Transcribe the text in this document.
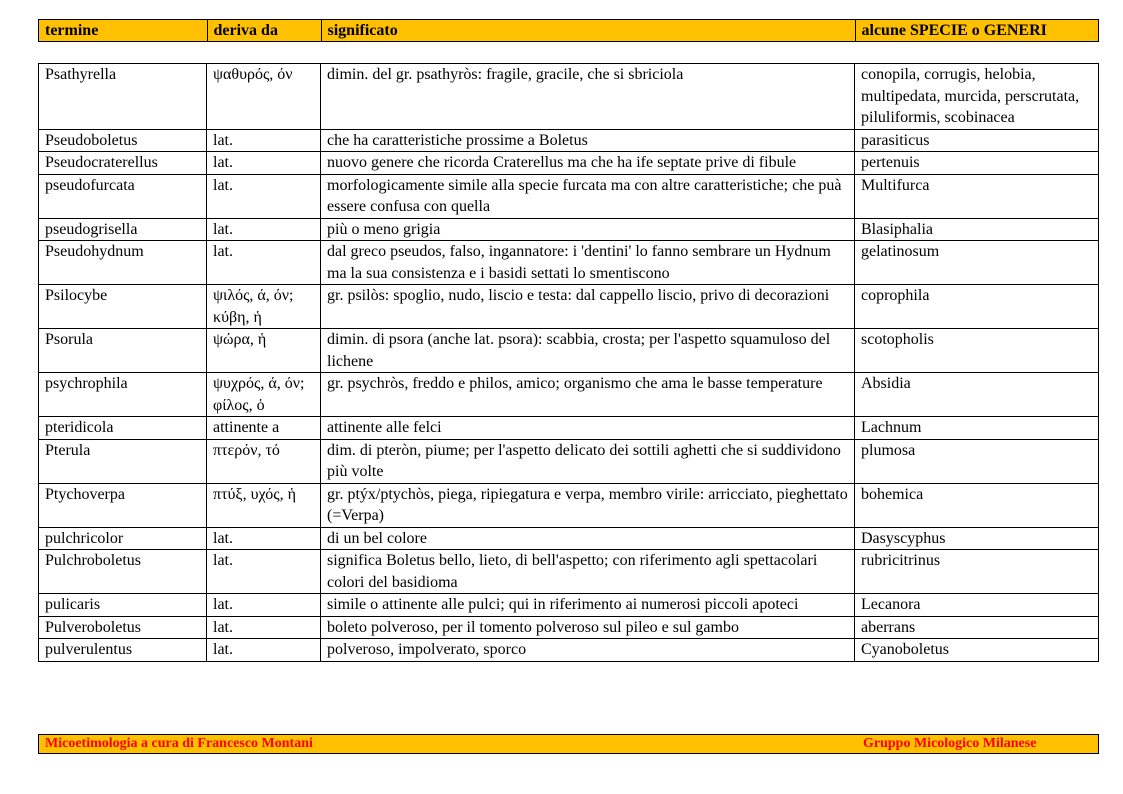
termine	deriva da	significato	alcune SPECIE o GENERI
Psathyrella	ψαθυρός, όν	dimin. del gr. psathyròs: fragile, gracile, che si sbriciola	conopila, corrugis, helobia, multipedata, murcida, perscrutata, piluliformis, scobinacea
Pseudoboletus	lat.	che ha caratteristiche prossime a Boletus	parasiticus
Pseudocraterellus	lat.	nuovo genere che ricorda Craterellus ma che ha ife septate prive di fibule	pertenuis
pseudofurcata	lat.	morfologicamente simile alla specie furcata ma con altre caratteristiche; che puà essere confusa con quella	Multifurca
pseudogrisella	lat.	più o meno grigia	Blasiphalia
Pseudohydnum	lat.	dal greco pseudos, falso, ingannatore: i 'dentini' lo fanno sembrare un Hydnum ma la sua consistenza e i basidi settati lo smentiscono	gelatinosum
Psilocybe	ψιλός, ά, όν; κύβη, ἡ	gr. psilòs: spoglio, nudo, liscio e testa: dal cappello liscio, privo di decorazioni	coprophila
Psorula	ψώρα, ἡ	dimin. di psora (anche lat. psora): scabbia, crosta; per l'aspetto squamuloso del lichene	scotopholis
psychrophila	ψυχρός, ά, όν; φίλος, ὁ	gr. psychròs, freddo e philos, amico; organismo che ama le basse temperature	Absidia
pteridicola	attinente a	attinente alle felci	Lachnum
Pterula	πτερόν, τό	dim. di pteròn, piume; per l'aspetto delicato dei sottili aghetti che si suddividono più volte	plumosa
Ptychoverpa	πτύξ, υχός, ἡ	gr. ptýx/ptychòs, piega, ripiegatura e verpa, membro virile: arricciato, pieghettato (=Verpa)	bohemica
pulchricolor	lat.	di un bel colore	Dasyscyphus
Pulchroboletus	lat.	significa Boletus bello, lieto, di bell'aspetto; con riferimento agli spettacolari colori del basidioma	rubricitrinus
pulicaris	lat.	simile o attinente alle pulci; qui in riferimento ai numerosi piccoli apoteci	Lecanora
Pulveroboletus	lat.	boleto polveroso, per il tomento polveroso sul pileo e sul gambo	aberrans
pulverulentus	lat.	polveroso, impolverato, sporco	Cyanoboletus
Micoetimologia a cura di Francesco Montani	Gruppo Micologico Milanese
